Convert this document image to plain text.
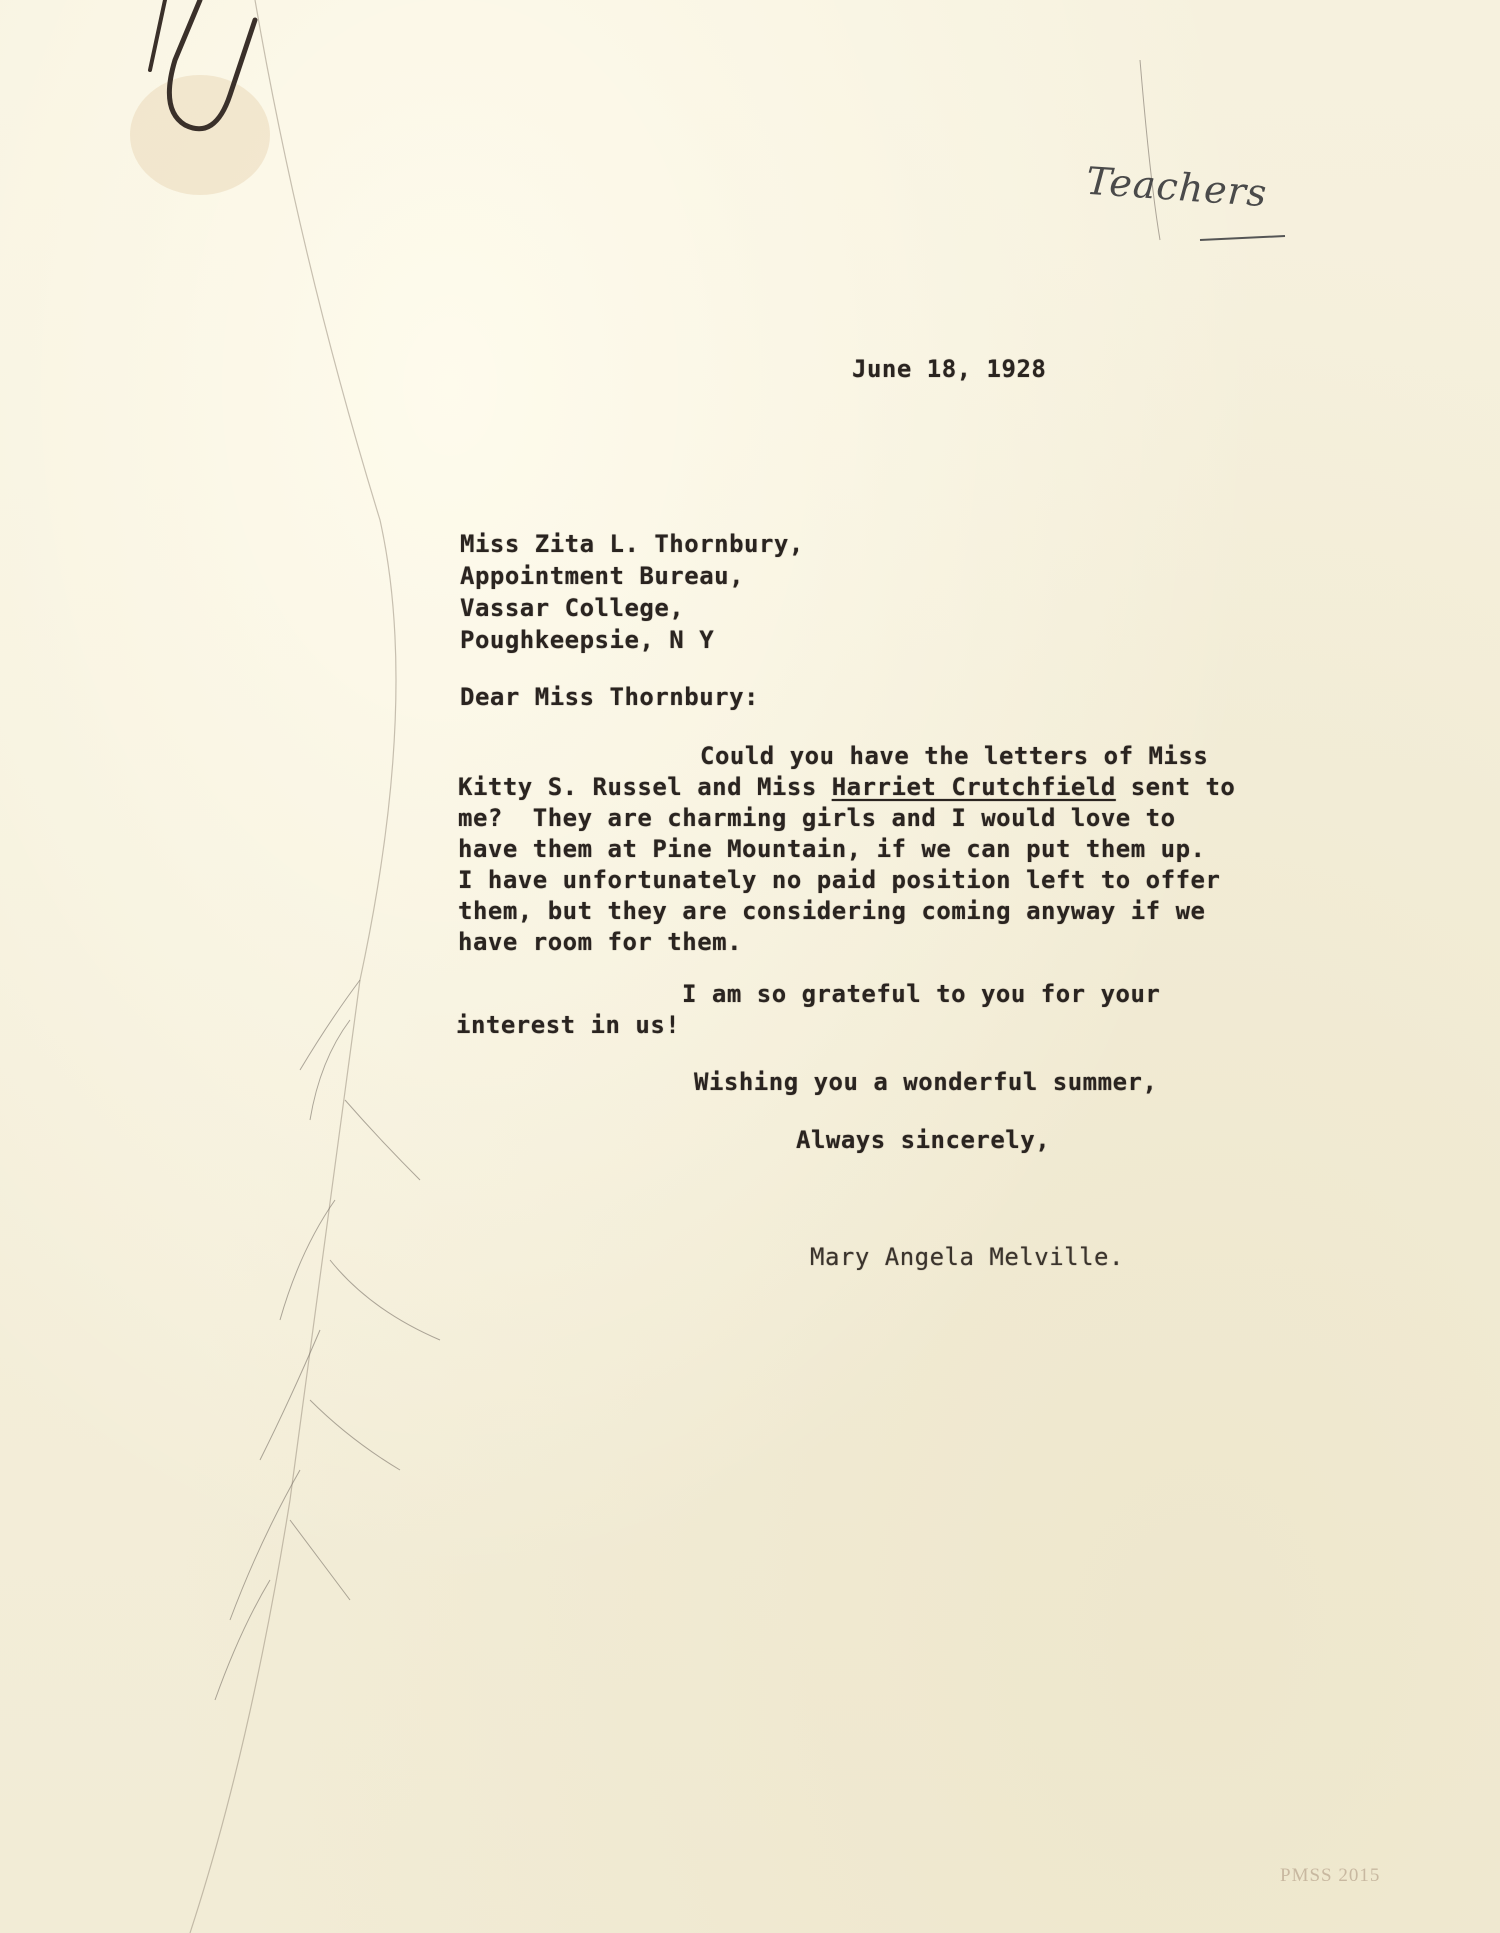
Teachers
June 18, 1928
Miss Zita L. Thornbury,
Appointment Bureau,
Vassar College,
Poughkeepsie, N Y
Dear Miss Thornbury:
Could you have the letters of Miss
Kitty S. Russel and Miss Harriet Crutchfield sent to
me?  They are charming girls and I would love to
have them at Pine Mountain, if we can put them up.
I have unfortunately no paid position left to offer
them, but they are considering coming anyway if we
have room for them.
I am so grateful to you for your
interest in us!
Wishing you a wonderful summer,
Always sincerely,
Mary Angela Melville.
PMSS 2015
